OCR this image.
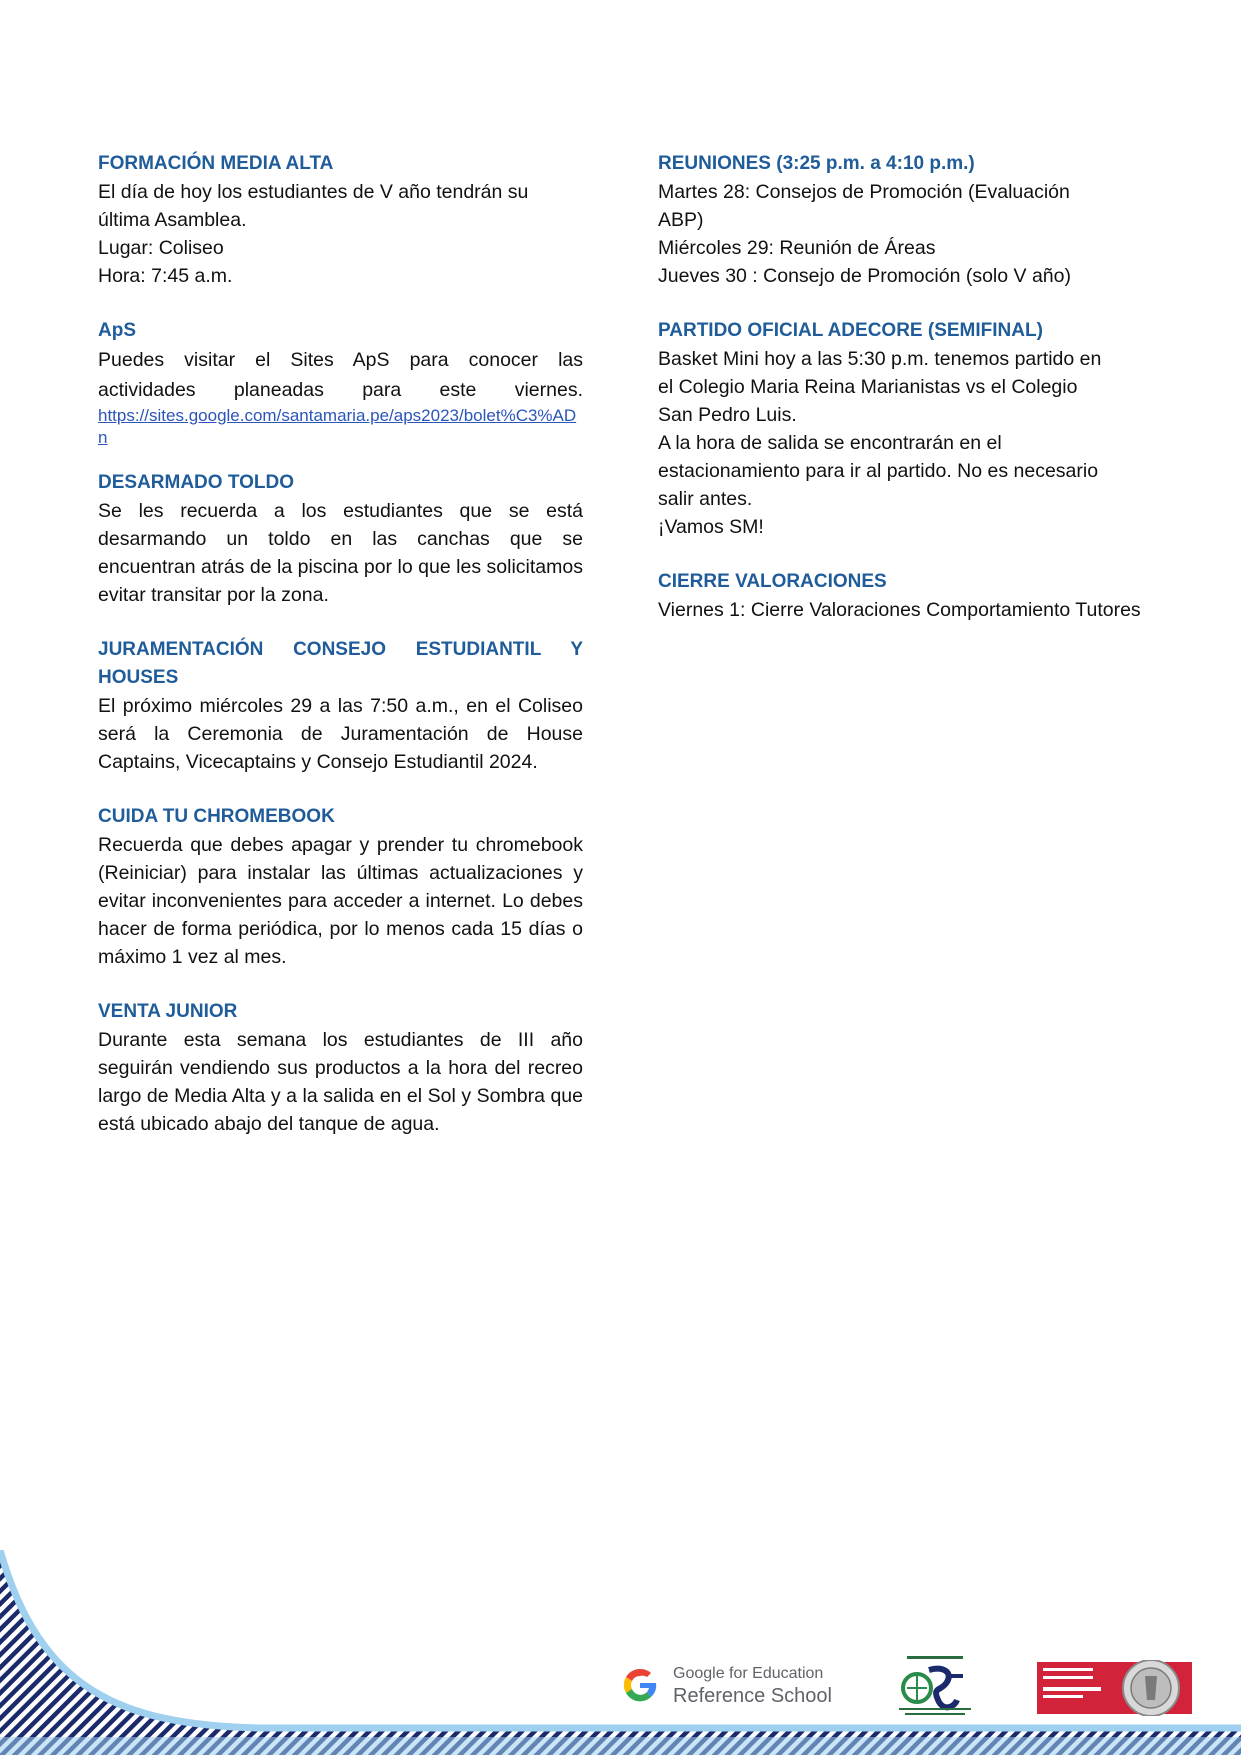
FORMACIÓN MEDIA ALTA

El día de hoy los estudiantes de V año tendrán su
última Asamblea.
Lugar: Coliseo
Hora: 7:45 a.m.

ApS

Puedes visitar el Sites ApS para conocer las actividades planeadas para este viernes.

https://sites.google.com/santamaria.pe/aps2023/bolet%C3%ADn

DESARMADO TOLDO

Se les recuerda a los estudiantes que se está desarmando un toldo en las canchas que se encuentran atrás de la piscina por lo que les solicitamos evitar transitar por la zona.

JURAMENTACIÓN CONSEJO ESTUDIANTIL Y HOUSES

El próximo miércoles 29 a las 7:50 a.m., en el Coliseo será la Ceremonia de Juramentación de House Captains, Vicecaptains y Consejo Estudiantil 2024.

CUIDA TU CHROMEBOOK

Recuerda que debes apagar y prender tu chromebook (Reiniciar) para instalar las últimas actualizaciones y evitar inconvenientes para acceder a internet. Lo debes hacer de forma periódica, por lo menos cada 15 días o máximo 1 vez al mes.

VENTA JUNIOR

Durante esta semana los estudiantes de III año seguirán vendiendo sus productos a la hora del recreo largo de Media Alta y a la salida en el Sol y Sombra que está ubicado abajo del tanque de agua.

REUNIONES (3:25 p.m. a 4:10 p.m.)

Martes 28: Consejos de Promoción (Evaluación
ABP)
Miércoles 29: Reunión de Áreas
Jueves 30 : Consejo de Promoción (solo V año)

PARTIDO OFICIAL ADECORE (SEMIFINAL)

Basket Mini hoy a las 5:30 p.m. tenemos partido en
el Colegio Maria Reina Marianistas vs el Colegio
San Pedro Luis.
A la hora de salida se encontrarán en el
estacionamiento para ir al partido. No es necesario
salir antes.
¡Vamos SM!

CIERRE VALORACIONES

Viernes 1: Cierre Valoraciones Comportamiento Tutores

Google for Education
Reference School
